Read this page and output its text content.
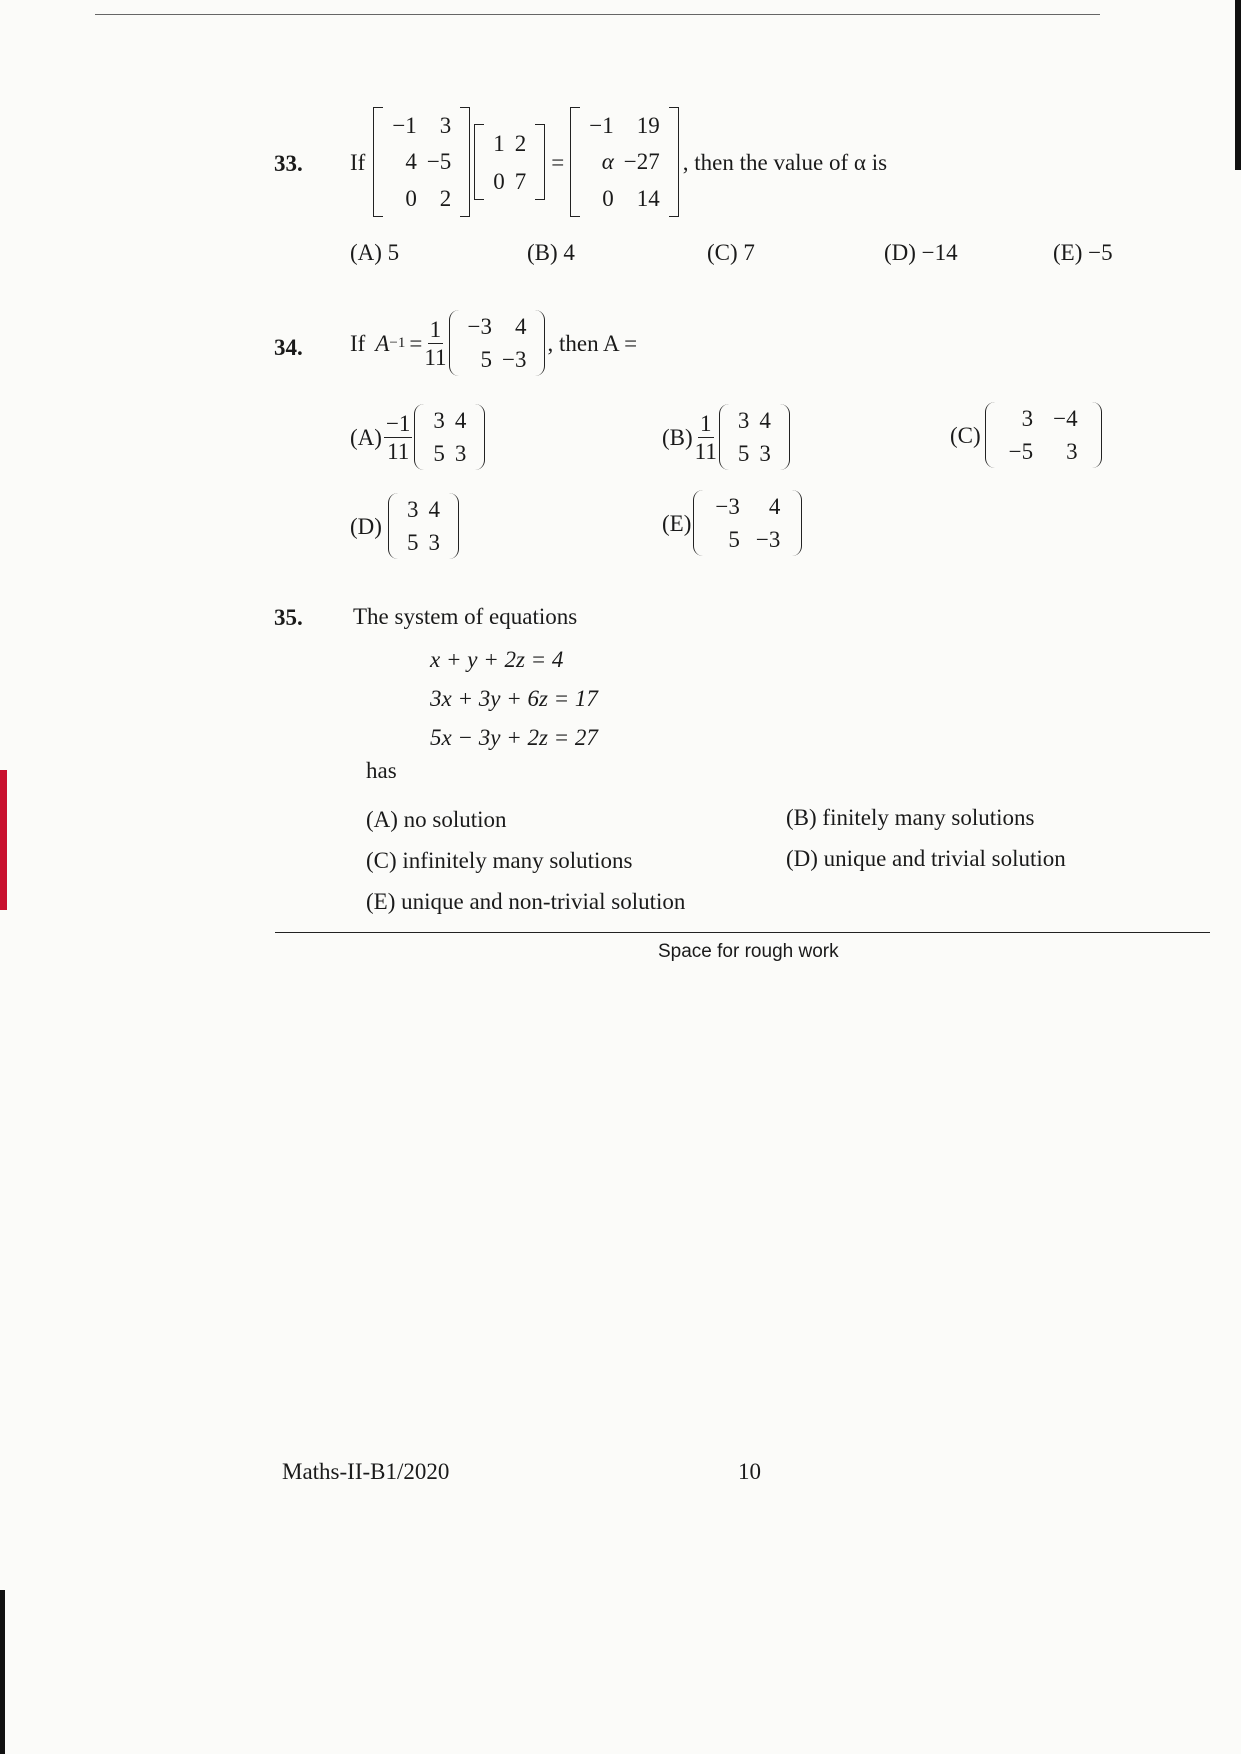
33. If
−1 3
4 −5
0 2
1 2
0 7
=
−1 19
α −27
0 14
, then the value of α is
(A) 5	(B) 4	(C) 7	(D) −14	(E) −5
34. If $A -1 = \frac{1}{11} -3$ 4
5 −3
, then A =
$(A) \frac{-1}{11} 3$ 4
5 3
$(B) \frac{1}{11} 3$ 4
5 3
(C)
3 −4
−5	3
(D)
3 4
5 3
(E)
−3	4
5 −3
35. The system of equations
x + y + 2z = 4
3x + 3y + 6z = 17
5x − 3y + 2z = 27
has
(A) no solution	(B) finitely many solutions
(C) infinitely many solutions	(D) unique and trivial solution
(E) unique and non-trivial solution
Space for rough work
Maths-II-B1/2020	10
